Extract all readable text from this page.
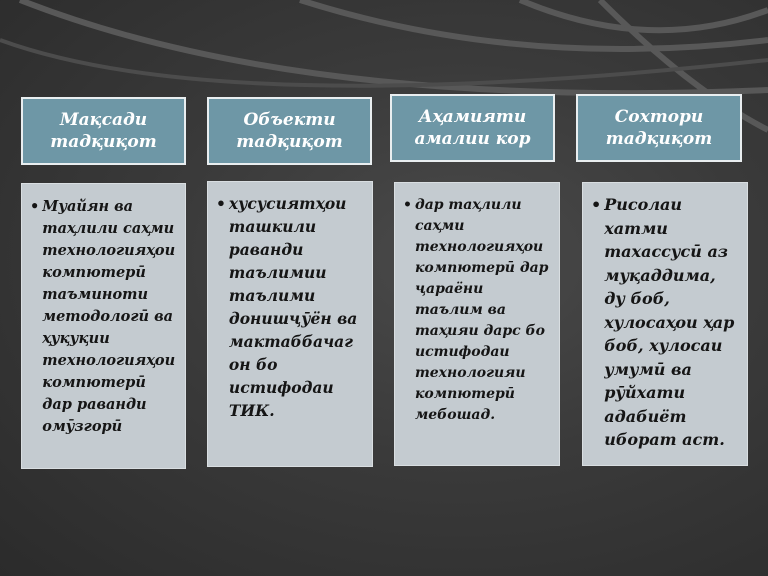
Мақсади тадқиқот
• Муайян ва таҳлили саҳми технологияҳои компютерӣ таъминоти методологӣ ва ҳуқуқии технологияҳои компютерӣ дар раванди омӯзгорӣ
Объекти тадқиқот
• хусусиятҳои ташкили раванди таълимии таълими донишҷӯён ва мактаббачаг он бо истифодаи ТИК.
Аҳамияти амалии кор
• дар таҳлили саҳми технологияҳои компютерӣ дар ҷараёни таълим ва таҳияи дарс бо истифодаи технологияи компютерӣ мебошад.
Сохтори тадқиқот
• Рисолаи хатми тахассусӣ аз муқаддима, ду боб, хулосаҳои ҳар боб, хулосаи умумӣ ва рӯйхати адабиёт иборат аст.
